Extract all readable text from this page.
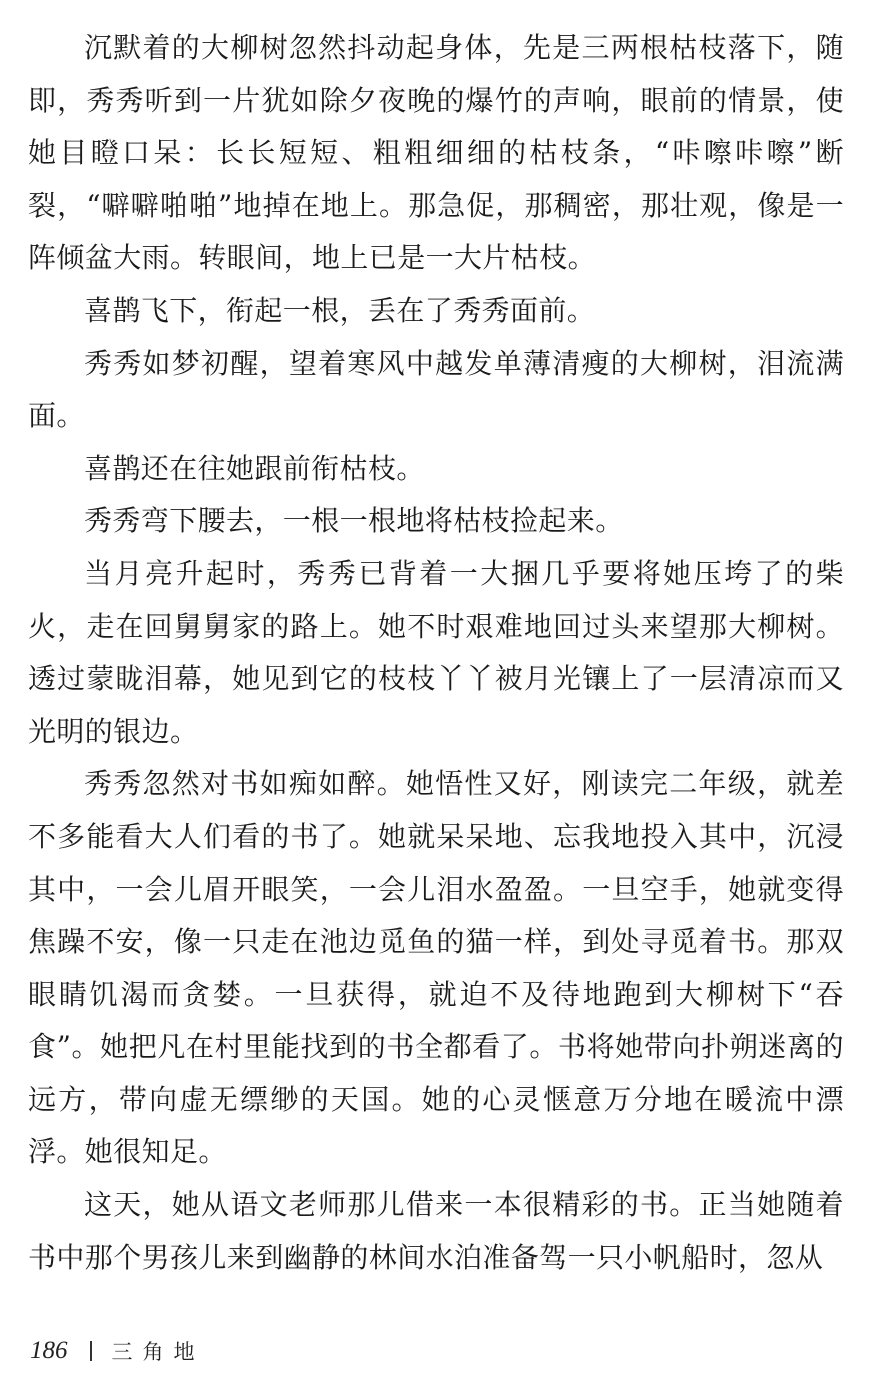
沉默着的大柳树忽然抖动起身体，先是三两根枯枝落下，随即，秀秀听到一片犹如除夕夜晚的爆竹的声响，眼前的情景，使她目瞪口呆：长长短短、粗粗细细的枯枝条，“咔嚓咔嚓”断裂，“噼噼啪啪”地掉在地上。那急促，那稠密，那壮观，像是一阵倾盆大雨。转眼间，地上已是一大片枯枝。

喜鹊飞下，衔起一根，丢在了秀秀面前。

秀秀如梦初醒，望着寒风中越发单薄清瘦的大柳树，泪流满面。

喜鹊还在往她跟前衔枯枝。

秀秀弯下腰去，一根一根地将枯枝捡起来。

当月亮升起时，秀秀已背着一大捆几乎要将她压垮了的柴火，走在回舅舅家的路上。她不时艰难地回过头来望那大柳树。透过蒙眬泪幕，她见到它的枝枝丫丫被月光镶上了一层清凉而又光明的银边。

秀秀忽然对书如痴如醉。她悟性又好，刚读完二年级，就差不多能看大人们看的书了。她就呆呆地、忘我地投入其中，沉浸其中，一会儿眉开眼笑，一会儿泪水盈盈。一旦空手，她就变得焦躁不安，像一只走在池边觅鱼的猫一样，到处寻觅着书。那双眼睛饥渴而贪婪。一旦获得，就迫不及待地跑到大柳树下“吞食”。她把凡在村里能找到的书全都看了。书将她带向扑朔迷离的远方，带向虚无缥缈的天国。她的心灵惬意万分地在暖流中漂浮。她很知足。

这天，她从语文老师那儿借来一本很精彩的书。正当她随着书中那个男孩儿来到幽静的林间水泊准备驾一只小帆船时，忽从

186 三角地
